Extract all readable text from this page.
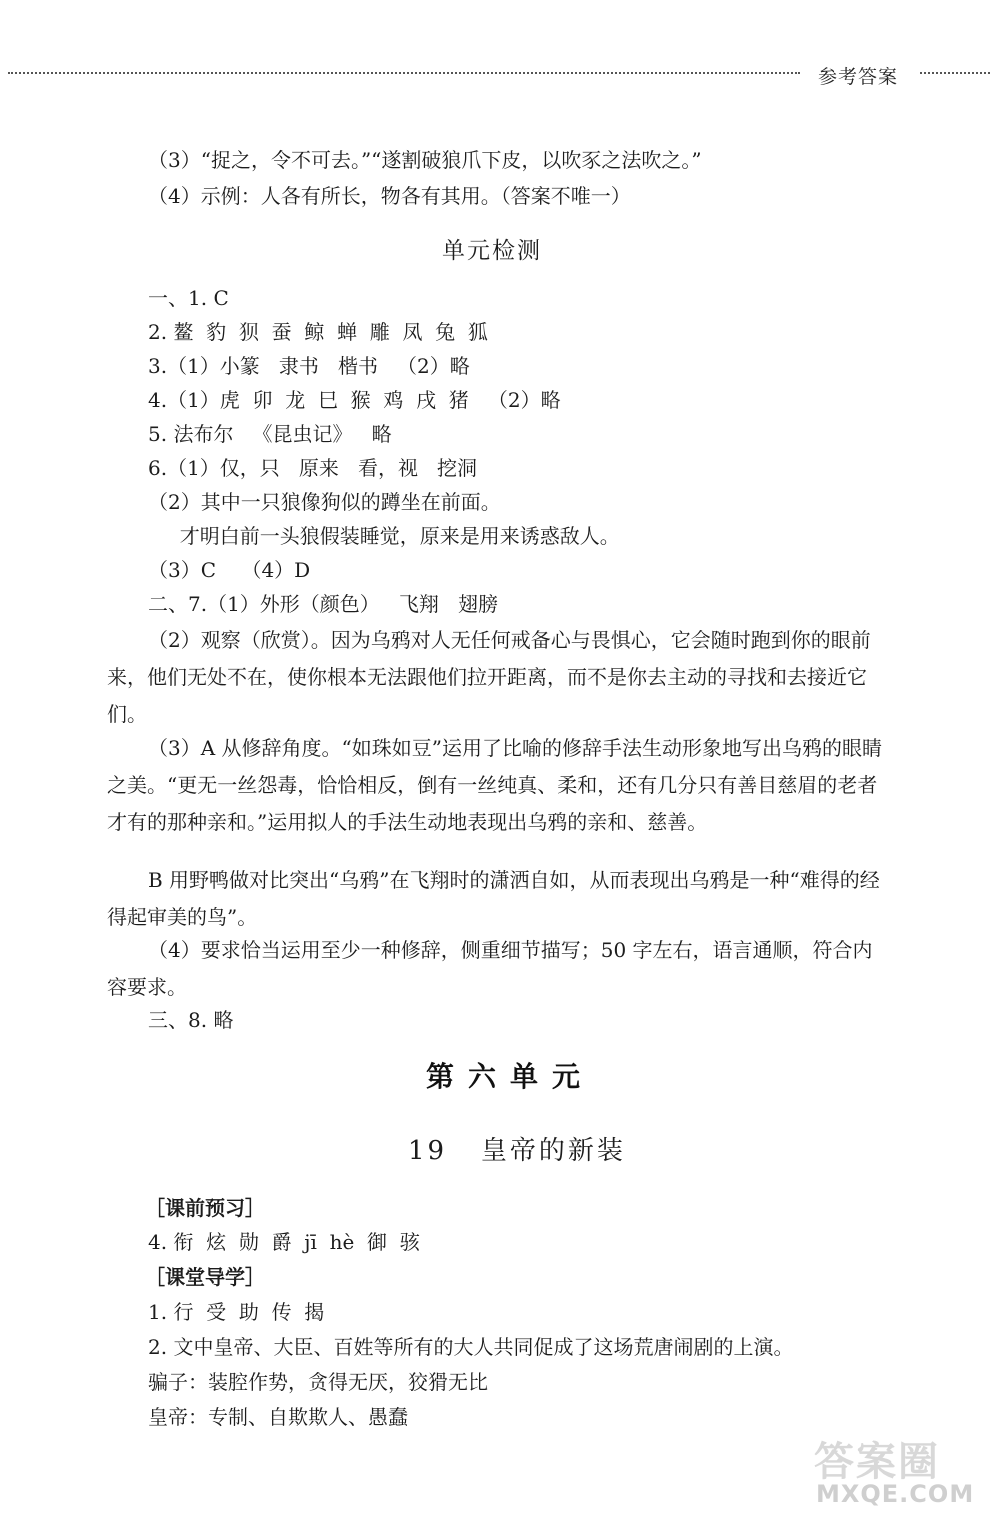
参考答案
（3）“捉之，令不可去。”“遂割破狼爪下皮，以吹豕之法吹之。”
（4）示例：人各有所长，物各有其用。（答案不唯一）
单元检测
一、1. C
2. 鳌  豹  狈  蚕  鲸  蝉  雕  凤  兔  狐
3.（1）小篆   隶书   楷书   （2）略
4.（1）虎  卯  龙  巳  猴  鸡  戌  猪   （2）略
5. 法布尔   《昆虫记》   略
6.（1）仅，只   原来   看，视   挖洞
（2）其中一只狼像狗似的蹲坐在前面。
才明白前一头狼假装睡觉，原来是用来诱惑敌人。
（3）C    （4）D
二、7.（1）外形（颜色）   飞翔   翅膀
（2）观察（欣赏）。因为乌鸦对人无任何戒备心与畏惧心，它会随时跑到你的眼前来，他们无处不在，使你根本无法跟他们拉开距离，而不是你去主动的寻找和去接近它们。
（3）A 从修辞角度。“如珠如豆”运用了比喻的修辞手法生动形象地写出乌鸦的眼睛之美。“更无一丝怨毒，恰恰相反，倒有一丝纯真、柔和，还有几分只有善目慈眉的老者才有的那种亲和。”运用拟人的手法生动地表现出乌鸦的亲和、慈善。
B 用野鸭做对比突出“乌鸦”在飞翔时的潇洒自如，从而表现出乌鸦是一种“难得的经得起审美的鸟”。
（4）要求恰当运用至少一种修辞，侧重细节描写；50 字左右，语言通顺，符合内容要求。
三、8. 略
第六单元
19   皇帝的新装
［课前预习］
4. 衔  炫  勋  爵  jī  hè  御  骇
［课堂导学］
1. 行  受  助  传  揭
2. 文中皇帝、大臣、百姓等所有的大人共同促成了这场荒唐闹剧的上演。
骗子：装腔作势，贪得无厌，狡猾无比
皇帝：专制、自欺欺人、愚蠢
答案圈
MXQE.COM
